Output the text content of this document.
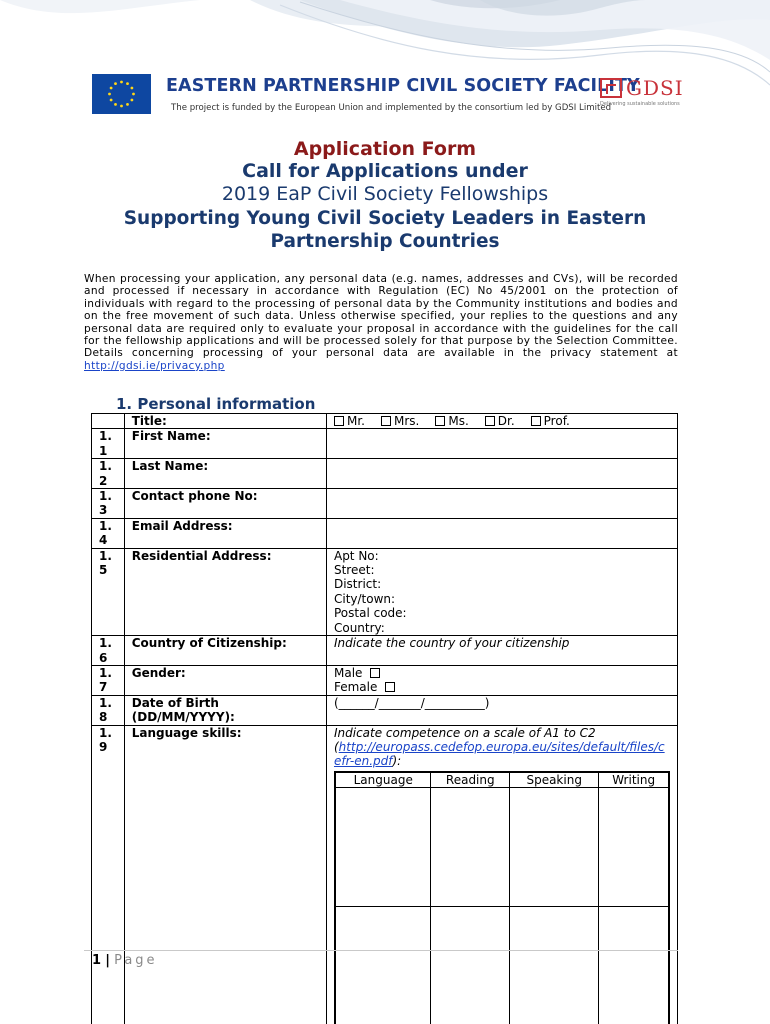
EASTERN PARTNERSHIP CIVIL SOCIETY FACILITY
The project is funded by the European Union and implemented by the consortium led by GDSI Limited
GDSI
Delivering sustainable solutions
Application Form
Call for Applications under
2019 EaP Civil Society Fellowships
Supporting Young Civil Society Leaders in Eastern Partnership Countries
When processing your application, any personal data (e.g. names, addresses and CVs), will be recorded and processed if necessary in accordance with Regulation (EC) No 45/2001 on the protection of individuals with regard to the processing of personal data by the Community institutions and bodies and on the free movement of such data. Unless otherwise specified, your replies to the questions and any personal data are required only to evaluate your proposal in accordance with the guidelines for the call for the fellowship applications and will be processed solely for that purpose by the Selection Committee. Details concerning processing of your personal data are available in the privacy statement at http://gdsi.ie/privacy.php
1. Personal information
	Title:	Mr. Mrs. Ms. Dr. Prof.
1.
1	First Name:	
1.
2	Last Name:	
1.
3	Contact phone No:	
1.
4	Email Address:	
1.
5	Residential Address:	Apt No:
Street:
District:
City/town:
Postal code:
Country:

1.
6	Country of Citizenship:	Indicate the country of your citizenship
1.
7	Gender:	Male
Female

1.
8	Date of Birth (DD/MM/YYYY):	(______/_______/__________)
1.
9	Language skills:	Indicate competence on a scale of A1 to C2
(http://europass.cedefop.europa.eu/sites/default/files/cefr-en.pdf):
Language	Reading	Speaking	Writing

1 | Page
